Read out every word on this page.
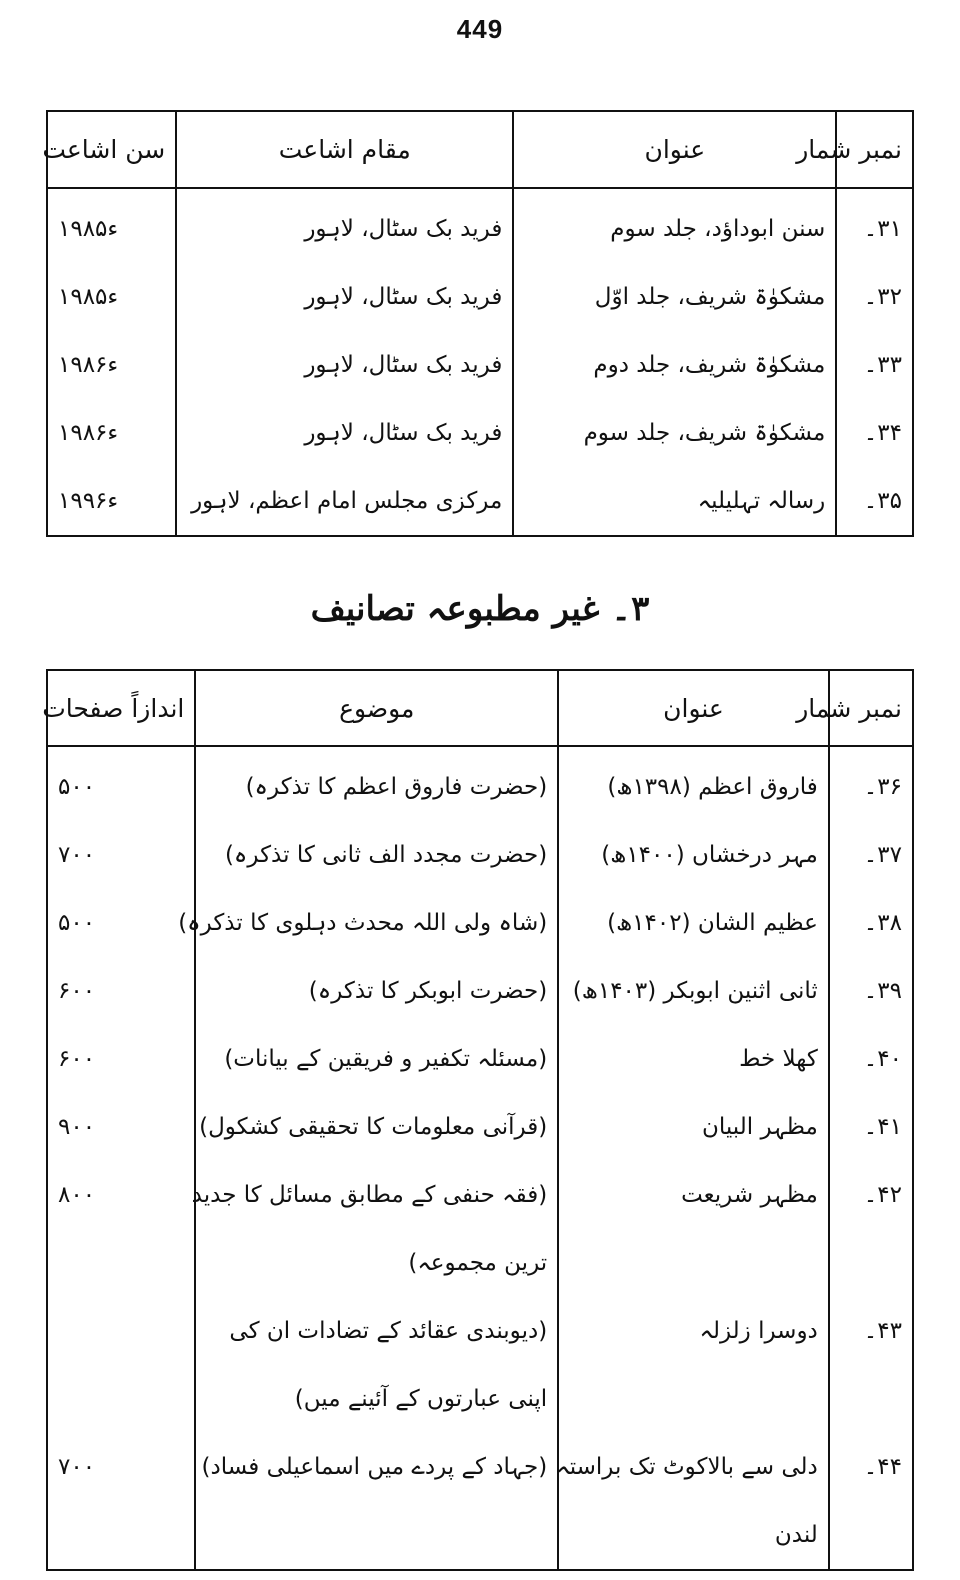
449
نمبر شمار	عنوان	مقام اشاعت	سن اشاعت

۳۱۔	سنن ابوداؤد، جلد سوم	فرید بک سٹال، لاہور	۱۹۸۵ء
۳۲۔	مشکوٰۃ شریف، جلد اوّل	فرید بک سٹال، لاہور	۱۹۸۵ء
۳۳۔	مشکوٰۃ شریف، جلد دوم	فرید بک سٹال، لاہور	۱۹۸۶ء
۳۴۔	مشکوٰۃ شریف، جلد سوم	فرید بک سٹال، لاہور	۱۹۸۶ء
۳۵۔	رسالہ تہلیلیہ	مرکزی مجلس امام اعظم، لاہور	۱۹۹۶ء
۳۔ غیر مطبوعہ تصانیف
نمبر شمار	عنوان	موضوع	اندازاً صفحات

۳۶۔	فاروق اعظم (۱۳۹۸ھ)	(حضرت فاروق اعظم کا تذکرہ)	۵۰۰
۳۷۔	مہر درخشاں (۱۴۰۰ھ)	(حضرت مجدد الف ثانی کا تذکرہ)	۷۰۰
۳۸۔	عظیم الشان (۱۴۰۲ھ)	(شاہ ولی اللہ محدث دہلوی کا تذکرہ)	۵۰۰
۳۹۔	ثانی اثنین ابوبکر (۱۴۰۳ھ)	(حضرت ابوبکر کا تذکرہ)	۶۰۰
۴۰۔	کھلا خط	(مسئلہ تکفیر و فریقین کے بیانات)	۶۰۰
۴۱۔	مظہر البیان	(قرآنی معلومات کا تحقیقی کشکول)	۹۰۰
۴۲۔	مظہر شریعت	(فقہ حنفی کے مطابق مسائل کا جدید	۸۰۰
		ترین مجموعہ)	
۴۳۔	دوسرا زلزلہ	(دیوبندی عقائد کے تضادات ان کی	
		اپنی عبارتوں کے آئینے میں)	
۴۴۔	دلی سے بالاکوٹ تک براستہ	(جہاد کے پردے میں اسماعیلی فساد)	۷۰۰
	لندن		
